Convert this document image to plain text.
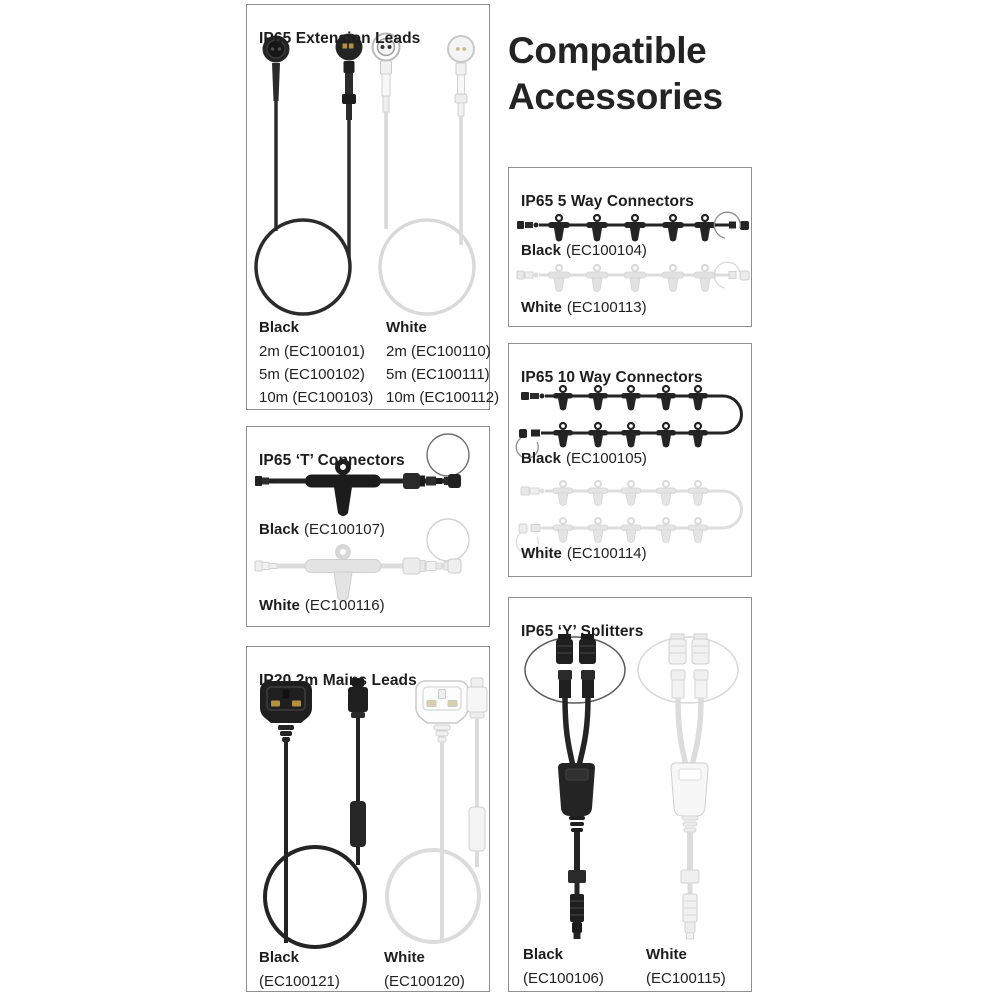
Compatible
Accessories
IP65 Extension Leads
Black
2m (EC100101)
5m (EC100102)
10m (EC100103)
White
2m (EC100110)
5m (EC100111)
10m (EC100112)
IP65 ‘T’ Connectors
Black (EC100107)
White (EC100116)
IP20 2m Mains Leads
Black
(EC100121)
White
(EC100120)
IP65 5 Way Connectors
Black (EC100104)
White (EC100113)
IP65 10 Way Connectors
Black (EC100105)
White (EC100114)
IP65 ‘Y’ Splitters
Black
(EC100106)
White
(EC100115)
